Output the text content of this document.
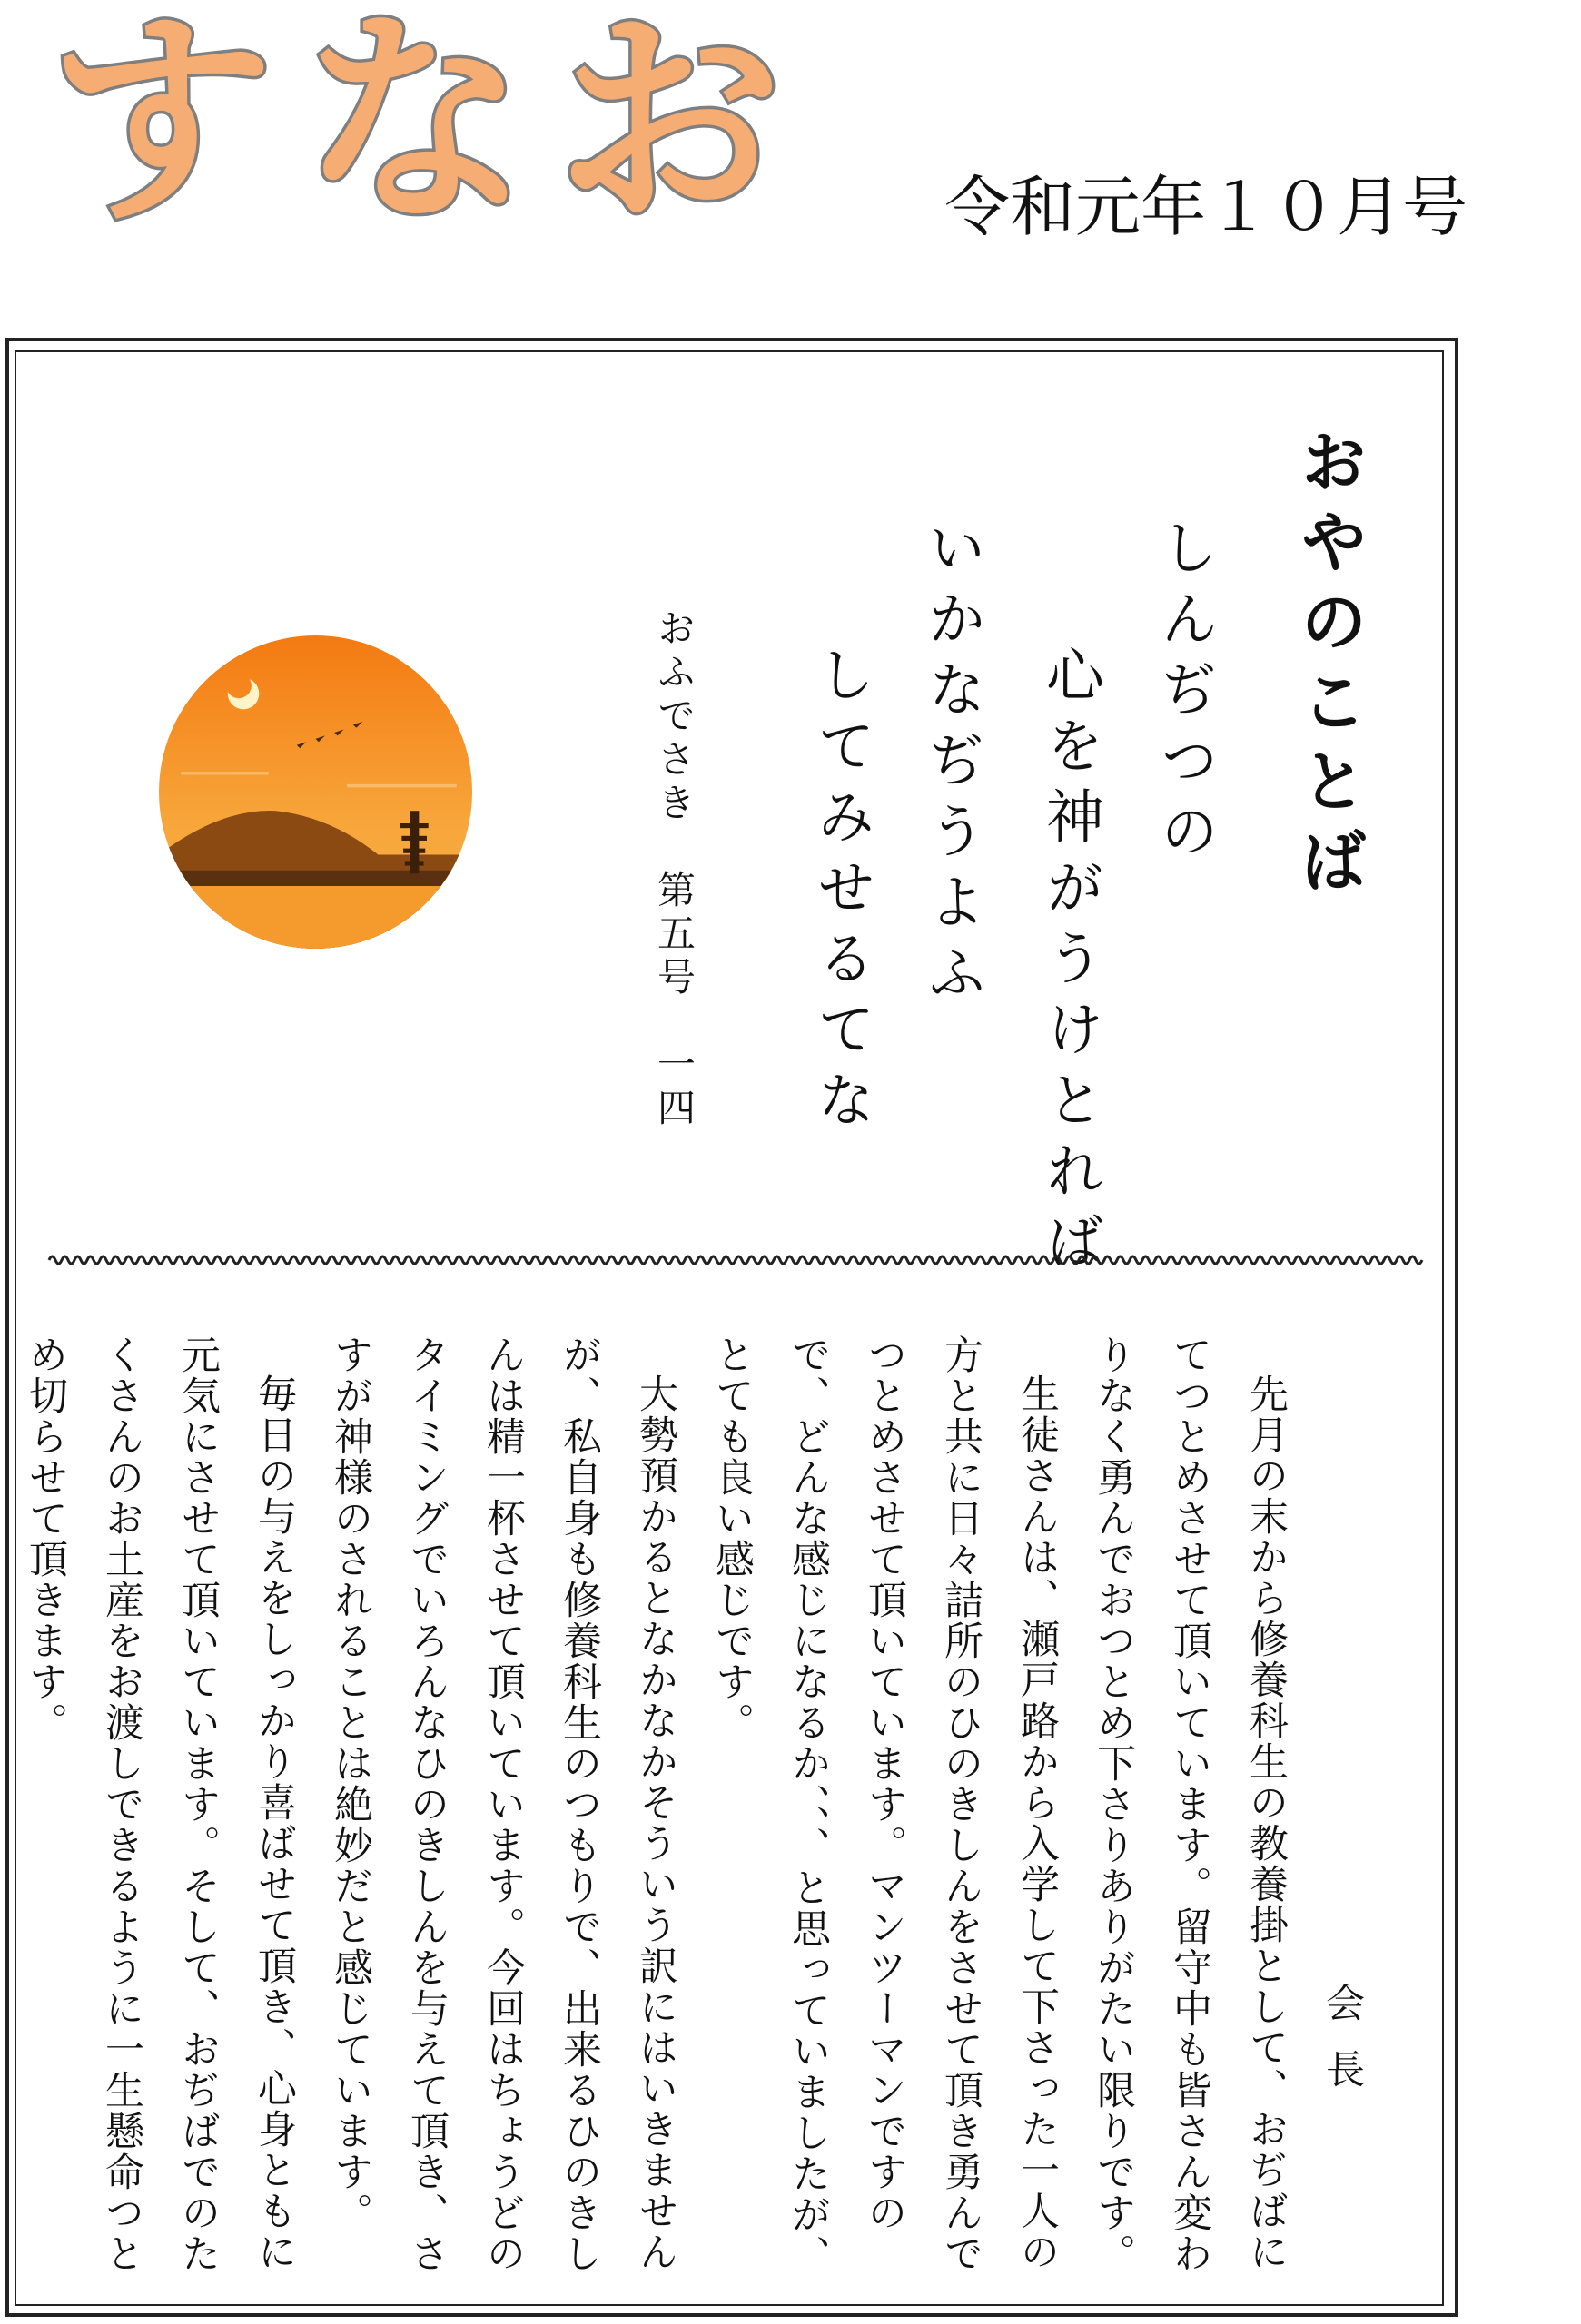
すなお 令和元年１０月号
おやのことば
しんぢつの
心を神がうけとれば
いかなぢうよふ
してみせるてな
おふでさき　第五号　一四

会長

先月の末から修養科生の教養掛として、おぢばにてつとめさせて頂いています。留守中も皆さん変わりなく勇んでおつとめ下さりありがたい限りです。

生徒さんは、瀬戸路から入学して下さった一人の方と共に日々詰所のひのきしんをさせて頂き勇んでつとめさせて頂いています。マンツーマンですので、どんな感じになるか、、、と思っていましたが、とても良い感じです。

大勢預かるとなかなかそういう訳にはいきませんが、私自身も修養科生のつもりで、出来るひのきしんは精一杯させて頂いています。今回はちょうどのタイミングでいろんなひのきしんを与えて頂き、さすが神様のされることは絶妙だと感じています。

毎日の与えをしっかり喜ばせて頂き、心身ともに元気にさせて頂いています。そして、おぢばでのたくさんのお土産をお渡しできるように一生懸命つとめ切らせて頂きます。
